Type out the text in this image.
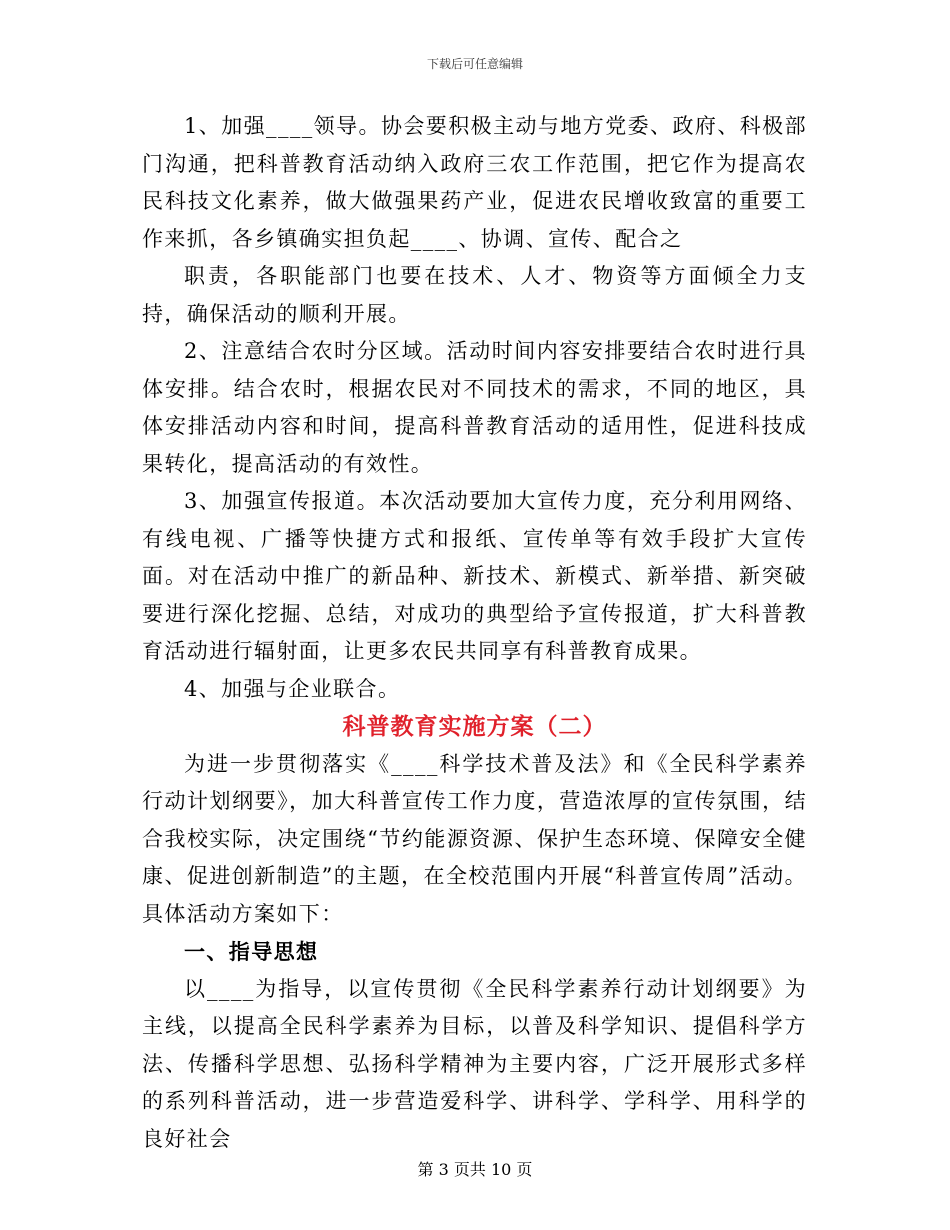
下载后可任意编辑

1、加强____领导。协会要积极主动与地方党委、政府、科极部门沟通，把科普教育活动纳入政府三农工作范围，把它作为提高农民科技文化素养，做大做强果药产业，促进农民增收致富的重要工作来抓，各乡镇确实担负起____、协调、宣传、配合之

职责，各职能部门也要在技术、人才、物资等方面倾全力支持，确保活动的顺利开展。

2、注意结合农时分区域。活动时间内容安排要结合农时进行具体安排。结合农时，根据农民对不同技术的需求，不同的地区，具体安排活动内容和时间，提高科普教育活动的适用性，促进科技成果转化，提高活动的有效性。

3、加强宣传报道。本次活动要加大宣传力度，充分利用网络、有线电视、广播等快捷方式和报纸、宣传单等有效手段扩大宣传面。对在活动中推广的新品种、新技术、新模式、新举措、新突破要进行深化挖掘、总结，对成功的典型给予宣传报道，扩大科普教育活动进行辐射面，让更多农民共同享有科普教育成果。

4、加强与企业联合。

科普教育实施方案（二）

为进一步贯彻落实《____科学技术普及法》和《全民科学素养行动计划纲要》，加大科普宣传工作力度，营造浓厚的宣传氛围，结合我校实际，决定围绕“节约能源资源、保护生态环境、保障安全健康、促进创新制造”的主题，在全校范围内开展“科普宣传周”活动。具体活动方案如下：

一、指导思想

以____为指导，以宣传贯彻《全民科学素养行动计划纲要》为主线，以提高全民科学素养为目标，以普及科学知识、提倡科学方法、传播科学思想、弘扬科学精神为主要内容，广泛开展形式多样的系列科普活动，进一步营造爱科学、讲科学、学科学、用科学的良好社会

第 3 页共 10 页
